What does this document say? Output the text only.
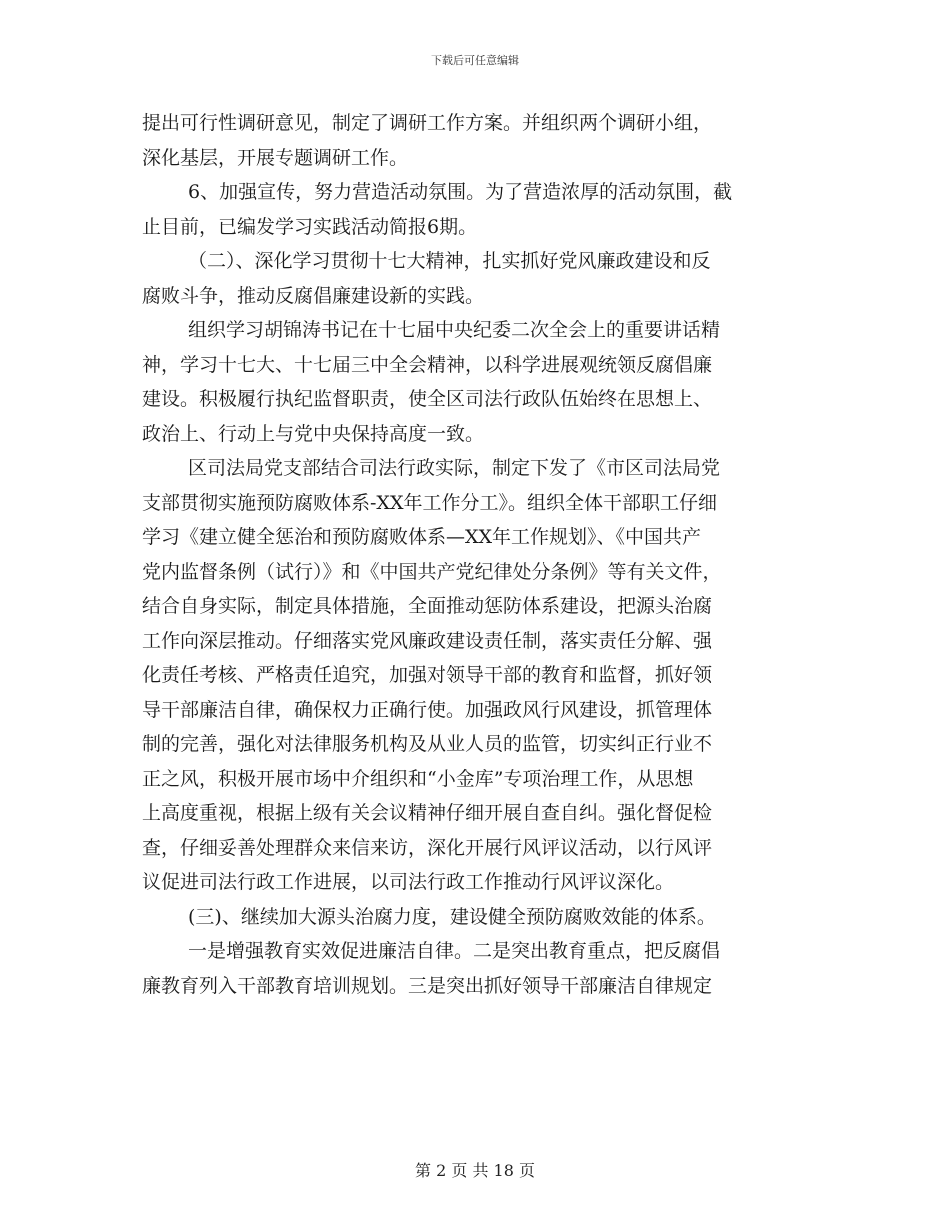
下载后可任意编辑
提出可行性调研意见，制定了调研工作方案。并组织两个调研小组，
深化基层，开展专题调研工作。
6、加强宣传，努力营造活动氛围。为了营造浓厚的活动氛围，截
止目前，已编发学习实践活动简报6期。
（二）、深化学习贯彻十七大精神，扎实抓好党风廉政建设和反
腐败斗争，推动反腐倡廉建设新的实践。
组织学习胡锦涛书记在十七届中央纪委二次全会上的重要讲话精
神，学习十七大、十七届三中全会精神，以科学进展观统领反腐倡廉
建设。积极履行执纪监督职责，使全区司法行政队伍始终在思想上、
政治上、行动上与党中央保持高度一致。
区司法局党支部结合司法行政实际，制定下发了《市区司法局党
支部贯彻实施预防腐败体系-XX年工作分工》。组织全体干部职工仔细
学习《建立健全惩治和预防腐败体系—XX年工作规划》、《中国共产
党内监督条例（试行）》和《中国共产党纪律处分条例》等有关文件，
结合自身实际，制定具体措施，全面推动惩防体系建设，把源头治腐
工作向深层推动。仔细落实党风廉政建设责任制，落实责任分解、强
化责任考核、严格责任追究，加强对领导干部的教育和监督，抓好领
导干部廉洁自律，确保权力正确行使。加强政风行风建设，抓管理体
制的完善，强化对法律服务机构及从业人员的监管，切实纠正行业不
正之风，积极开展市场中介组织和“小金库”专项治理工作，从思想
上高度重视，根据上级有关会议精神仔细开展自查自纠。强化督促检
查，仔细妥善处理群众来信来访，深化开展行风评议活动，以行风评
议促进司法行政工作进展，以司法行政工作推动行风评议深化。
(三)、继续加大源头治腐力度，建设健全预防腐败效能的体系。
一是增强教育实效促进廉洁自律。二是突出教育重点，把反腐倡
廉教育列入干部教育培训规划。三是突出抓好领导干部廉洁自律规定
第 2 页 共 18 页
